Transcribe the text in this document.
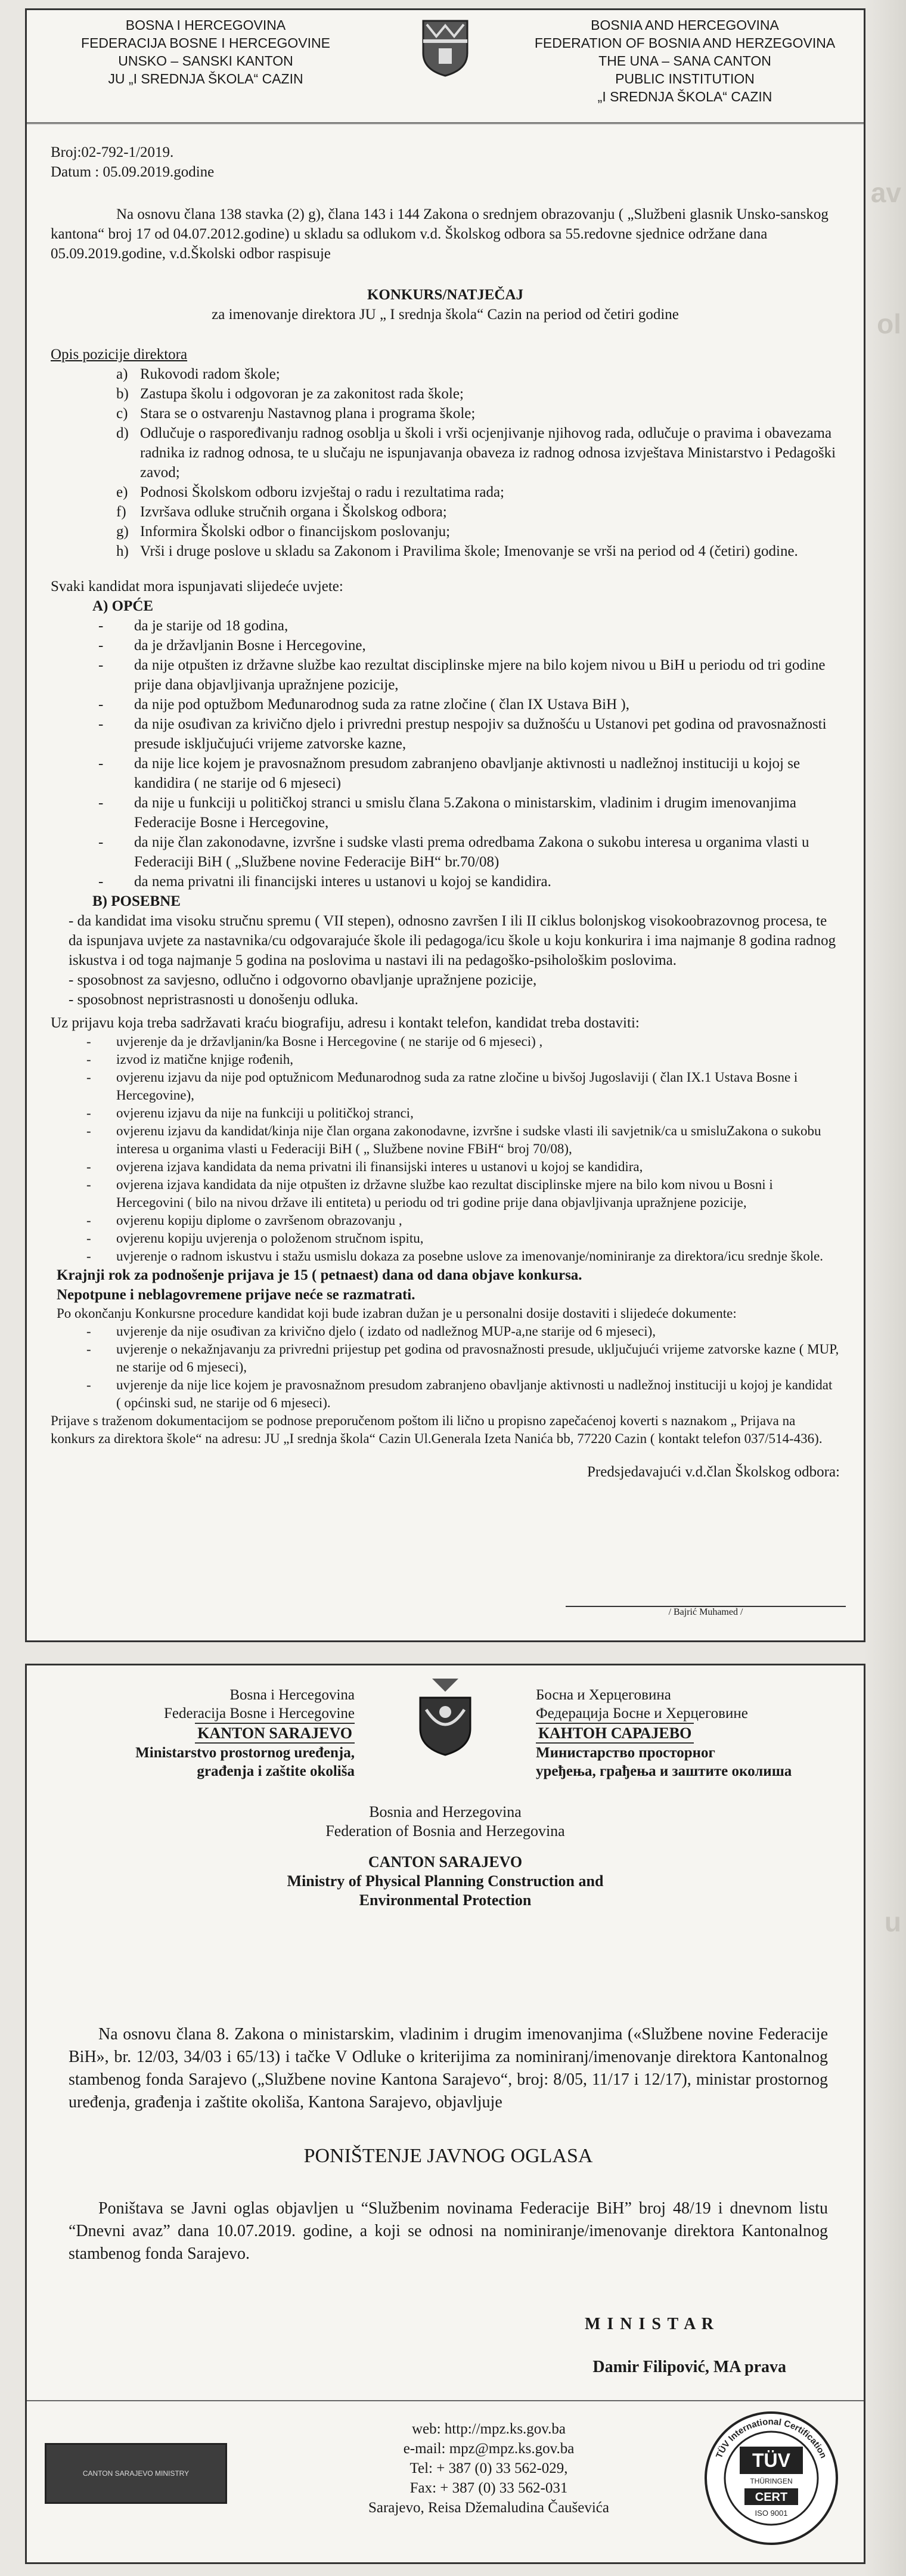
av
ol
u
BOSNA I HERCEGOVINA
FEDERACIJA BOSNE I HERCEGOVINE
UNSKO – SANSKI KANTON
JU „I SREDNJA ŠKOLA“ CAZIN
BOSNIA AND HERCEGOVINA
FEDERATION OF BOSNIA AND HERZEGOVINA
THE UNA – SANA CANTON
PUBLIC INSTITUTION
„I SREDNJA ŠKOLA“ CAZIN

Broj:02-792-1/2019.

Datum : 05.09.2019.godine

Na osnovu člana 138 stavka (2) g), člana 143 i 144 Zakona o srednjem obrazovanju ( „Službeni glasnik Unsko-sanskog kantona“ broj 17 od 04.07.2012.godine) u skladu sa odlukom v.d. Školskog odbora sa 55.redovne sjednice održane dana 05.09.2019.godine, v.d.Školski odbor raspisuje

KONKURS/NATJEČAJ

za imenovanje direktora JU „ I srednja škola“ Cazin na period od četiri godine

Opis pozicije direktora

a) Rukovodi radom škole;
b) Zastupa školu i odgovoran je za zakonitost rada škole;
c) Stara se o ostvarenju Nastavnog plana i programa škole;
d) Odlučuje o raspoređivanju radnog osoblja u školi i vrši ocjenjivanje njihovog rada, odlučuje o pravima i obavezama radnika iz radnog odnosa, te u slučaju ne ispunjavanja obaveza iz radnog odnosa izvještava Ministarstvo i Pedagoški zavod;
e) Podnosi Školskom odboru izvještaj o radu i rezultatima rada;
f) Izvršava odluke stručnih organa i Školskog odbora;
g) Informira Školski odbor o financijskom poslovanju;
h) Vrši i druge poslove u skladu sa Zakonom i Pravilima škole; Imenovanje se vrši na period od 4 (četiri) godine.

Svaki kandidat mora ispunjavati slijedeće uvjete:

A) OPĆE

- da je starije od 18 godina,
- da je državljanin Bosne i Hercegovine,
- da nije otpušten iz državne službe kao rezultat disciplinske mjere na bilo kojem nivou u BiH u periodu od tri godine prije dana objavljivanja upražnjene pozicije,
- da nije pod optužbom Međunarodnog suda za ratne zločine ( član IX Ustava BiH ),
- da nije osuđivan za krivično djelo i privredni prestup nespojiv sa dužnošću u Ustanovi pet godina od pravosnažnosti presude isključujući vrijeme zatvorske kazne,
- da nije lice kojem je pravosnažnom presudom zabranjeno obavljanje aktivnosti u nadležnoj instituciji u kojoj se kandidira ( ne starije od 6 mjeseci)
- da nije u funkciji u političkoj stranci u smislu člana 5.Zakona o ministarskim, vladinim i drugim imenovanjima Federacije Bosne i Hercegovine,
- da nije član zakonodavne, izvršne i sudske vlasti prema odredbama Zakona o sukobu interesa u organima vlasti u Federaciji BiH ( „Službene novine Federacije BiH“ br.70/08)
- da nema privatni ili financijski interes u ustanovi u kojoj se kandidira.

B) POSEBNE

- da kandidat ima visoku stručnu spremu ( VII stepen), odnosno završen I ili II ciklus bolonjskog visokoobrazovnog procesa, te da ispunjava uvjete za nastavnika/cu odgovarajuće škole ili pedagoga/icu škole u koju konkurira i ima najmanje 8 godina radnog iskustva i od toga najmanje 5 godina na poslovima u nastavi ili na pedagoško-psihološkim poslovima.

- sposobnost za savjesno, odlučno i odgovorno obavljanje upražnjene pozicije,

- sposobnost nepristrasnosti u donošenju odluka.

Uz prijavu koja treba sadržavati kraću biografiju, adresu i kontakt telefon, kandidat treba dostaviti:

- uvjerenje da je državljanin/ka Bosne i Hercegovine ( ne starije od 6 mjeseci) ,
- izvod iz matične knjige rođenih,
- ovjerenu izjavu da nije pod optužnicom Međunarodnog suda za ratne zločine u bivšoj Jugoslaviji ( član IX.1 Ustava Bosne i Hercegovine),
- ovjerenu izjavu da nije na funkciji u političkoj stranci,
- ovjerenu izjavu da kandidat/kinja nije član organa zakonodavne, izvršne i sudske vlasti ili savjetnik/ca u smisluZakona o sukobu interesa u organima vlasti u Federaciji BiH ( „ Službene novine FBiH“ broj 70/08),
- ovjerena izjava kandidata da nema privatni ili finansijski interes u ustanovi u kojoj se kandidira,
- ovjerena izjava kandidata da nije otpušten iz državne službe kao rezultat disciplinske mjere na bilo kom nivou u Bosni i Hercegovini ( bilo na nivou države ili entiteta) u periodu od tri godine prije dana objavljivanja upražnjene pozicije,
- ovjerenu kopiju diplome o završenom obrazovanju ,
- ovjerenu kopiju uvjerenja o položenom stručnom ispitu,
- uvjerenje o radnom iskustvu i stažu usmislu dokaza za posebne uslove za imenovanje/nominiranje za direktora/icu srednje škole.

Krajnji rok za podnošenje prijava je 15 ( petnaest) dana od dana objave konkursa.

Nepotpune i neblagovremene prijave neće se razmatrati.

Po okončanju Konkursne procedure kandidat koji bude izabran dužan je u personalni dosije dostaviti i slijedeće dokumente:

- uvjerenje da nije osuđivan za krivično djelo ( izdato od nadležnog MUP-a,ne starije od 6 mjeseci),
- uvjerenje o nekažnjavanju za privredni prijestup pet godina od pravosnažnosti presude, uključujući vrijeme zatvorske kazne ( MUP, ne starije od 6 mjeseci),
- uvjerenje da nije lice kojem je pravosnažnom presudom zabranjeno obavljanje aktivnosti u nadležnoj instituciji u kojoj je kandidat ( općinski sud, ne starije od 6 mjeseci).

Prijave s traženom dokumentacijom se podnose preporučenom poštom ili lično u propisno zapečaćenoj koverti s naznakom „ Prijava na konkurs za direktora škole“ na adresu: JU „I srednja škola“ Cazin Ul.Generala Izeta Nanića bb, 77220 Cazin ( kontakt telefon 037/514-436).

Predsjedavajući v.d.član Školskog odbora:

/ Bajrić Muhamed /
Bosna i Hercegovina
Federacija Bosne i Hercegovine
KANTON SARAJEVO
Ministarstvo prostornog uređenja,
građenja i zaštite okoliša
Босна и Херцеговина
Федерација Босне и Херцеговине
КАНТОН САРАЈЕВО
Министарство просторног
уређења, грађења и заштите околиша
Bosnia and Herzegovina
Federation of Bosnia and Herzegovina
CANTON SARAJEVO
Ministry of Physical Planning Construction and
Environmental Protection

Na osnovu člana 8. Zakona o ministarskim, vladinim i drugim imenovanjima («Službene novine Federacije BiH», br. 12/03, 34/03 i 65/13) i tačke V Odluke o kriterijima za nominiranj/imenovanje direktora Kantonalnog stambenog fonda Sarajevo („Službene novine Kantona Sarajevo“, broj: 8/05, 11/17 i 12/17), ministar prostornog uređenja, građenja i zaštite okoliša, Kantona Sarajevo, objavljuje

PONIŠTENJE JAVNOG OGLASA

Poništava se Javni oglas objavljen u “Službenim novinama Federacije BiH” broj 48/19 i dnevnom listu “Dnevni avaz” dana 10.07.2019. godine, a koji se odnosi na nominiranje/imenovanje direktora Kantonalnog stambenog fonda Sarajevo.

M I N I S T A R

Damir Filipović, MA prava

CANTON SARAJEVO MINISTRY
web: http://mpz.ks.gov.ba
e-mail: mpz@mpz.ks.gov.ba
Tel: + 387 (0) 33 562-029,
Fax: + 387 (0) 33 562-031
Sarajevo, Reisa Džemaludina Čauševića
TÜV International Certification
TÜV
THÜRINGEN
CERT
ISO 9001
